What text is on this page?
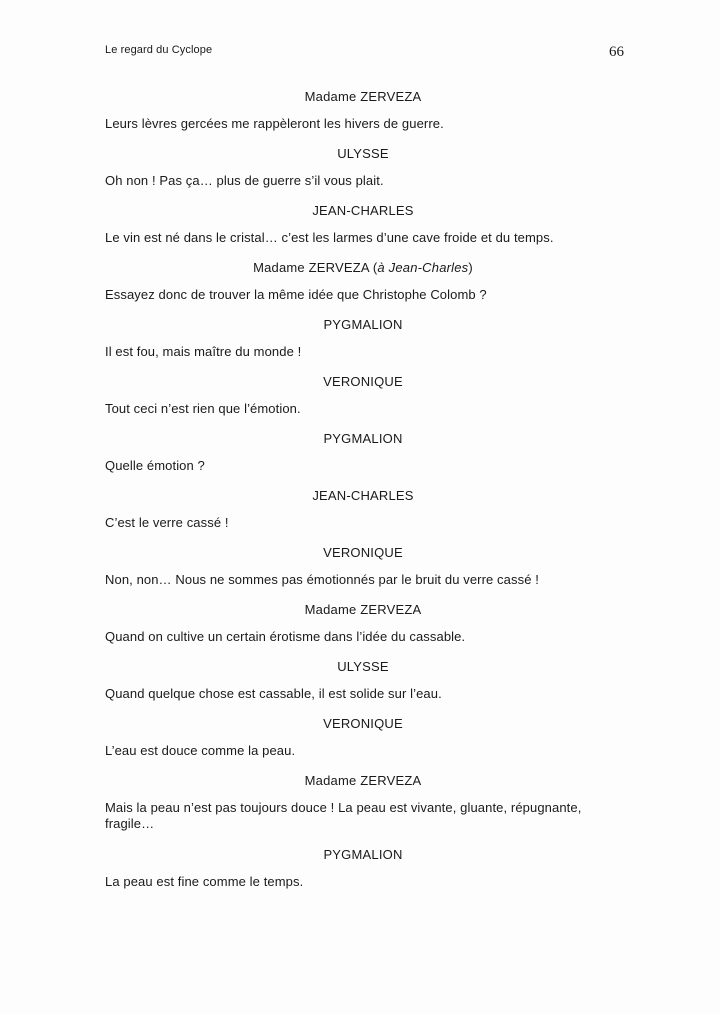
Le regard du Cyclope	66
Madame ZERVEZA
Leurs lèvres gercées me rappèleront les hivers de guerre.
ULYSSE
Oh non ! Pas ça… plus de guerre s’il vous plait.
JEAN-CHARLES
Le vin est né dans le cristal… c’est les larmes d’une cave froide et du temps.
Madame ZERVEZA (à Jean-Charles)
Essayez donc de trouver la même idée que Christophe Colomb ?
PYGMALION
Il est fou, mais maître du monde !
VERONIQUE
Tout ceci n’est rien que l’émotion.
PYGMALION
Quelle émotion ?
JEAN-CHARLES
C’est le verre cassé !
VERONIQUE
Non, non… Nous ne sommes pas émotionnés par le bruit du verre cassé !
Madame ZERVEZA
Quand on cultive un certain érotisme dans l’idée du cassable.
ULYSSE
Quand quelque chose est cassable, il est solide sur l’eau.
VERONIQUE
L’eau est douce comme la peau.
Madame ZERVEZA
Mais la peau n’est pas toujours douce ! La peau est vivante, gluante, répugnante, fragile…
PYGMALION
La peau est fine comme le temps.
